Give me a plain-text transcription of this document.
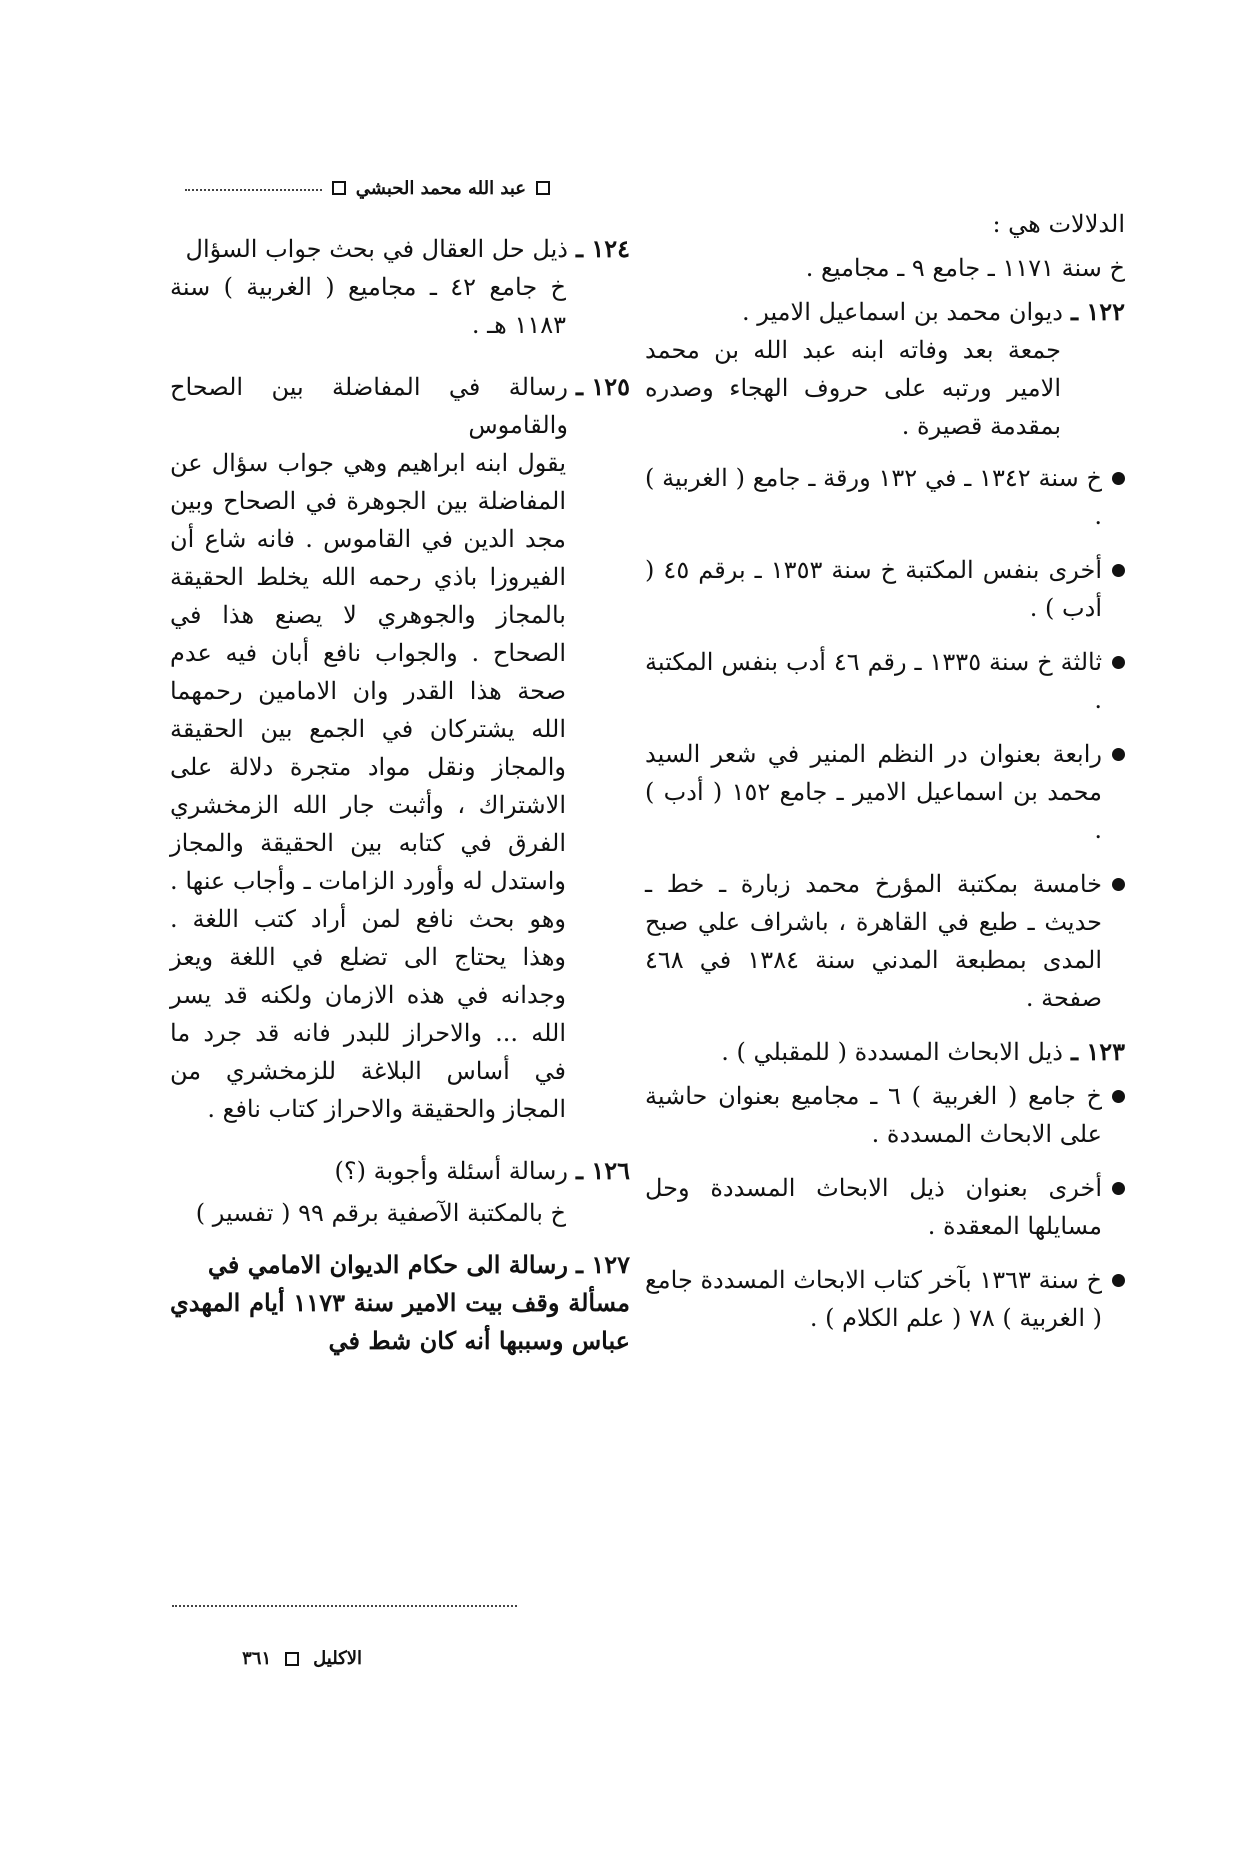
عبد الله محمد الحبشي

الدلالات هي :

خ سنة ١١٧١ ـ جامع ٩ ـ مجاميع .

١٢٢ ـ
ديوان محمد بن اسماعيل الامير .

جمعة بعد وفاته ابنه عبد الله بن محمد الامير ورتبه على حروف الهجاء وصدره بمقدمة قصيرة .

خ سنة ١٣٤٢ ـ في ١٣٢ ورقة ـ جامع ( الغربية ) .
أخرى بنفس المكتبة خ سنة ١٣٥٣ ـ برقم ٤٥ ( أدب ) .
ثالثة خ سنة ١٣٣٥ ـ رقم ٤٦ أدب بنفس المكتبة .
رابعة بعنوان در النظم المنير في شعر السيد محمد بن اسماعيل الامير ـ جامع ١٥٢ ( أدب ) .
خامسة بمكتبة المؤرخ محمد زبارة ـ خط ـ حديث ـ طبع في القاهرة ، باشراف علي صبح المدى بمطبعة المدني سنة ١٣٨٤ في ٤٦٨ صفحة .
١٢٣ ـ
ذيل الابحاث المسددة ( للمقبلي ) .
خ جامع ( الغربية ) ٦ ـ مجاميع بعنوان حاشية على الابحاث المسددة .
أخرى بعنوان ذيل الابحاث المسددة وحل مسايلها المعقدة .
خ سنة ١٣٦٣ بآخر كتاب الابحاث المسددة جامع ( الغربية ) ٧٨ ( علم الكلام ) .
١٢٤ ـ
ذيل حل العقال في بحث جواب السؤال

خ جامع ٤٢ ـ مجاميع ( الغربية ) سنة ١١٨٣ هـ .

١٢٥ ـ
رسالة في المفاضلة بين الصحاح والقاموس

يقول ابنه ابراهيم وهي جواب سؤال عن المفاضلة بين الجوهرة في الصحاح وبين مجد الدين في القاموس . فانه شاع أن الفيروزا باذي رحمه الله يخلط الحقيقة بالمجاز والجوهري لا يصنع هذا في الصحاح . والجواب نافع أبان فيه عدم صحة هذا القدر وان الامامين رحمهما الله يشتركان في الجمع بين الحقيقة والمجاز ونقل مواد متجرة دلالة على الاشتراك ، وأثبت جار الله الزمخشري الفرق في كتابه بين الحقيقة والمجاز واستدل له وأورد الزامات ـ وأجاب عنها . وهو بحث نافع لمن أراد كتب اللغة . وهذا يحتاج الى تضلع في اللغة ويعز وجدانه في هذه الازمان ولكنه قد يسر الله ... والاحراز للبدر فانه قد جرد ما في أساس البلاغة للزمخشري من المجاز والحقيقة والاحراز كتاب نافع .

١٢٦ ـ
رسالة أسئلة وأجوبة (؟)

خ بالمكتبة الآصفية برقم ٩٩ ( تفسير )

١٢٧ ـ
رسالة الى حكام الديوان الامامي في

مسألة وقف بيت الامير سنة ١١٧٣ أيام المهدي عباس وسببها أنه كان شط في

الاكليل
٣٦١
